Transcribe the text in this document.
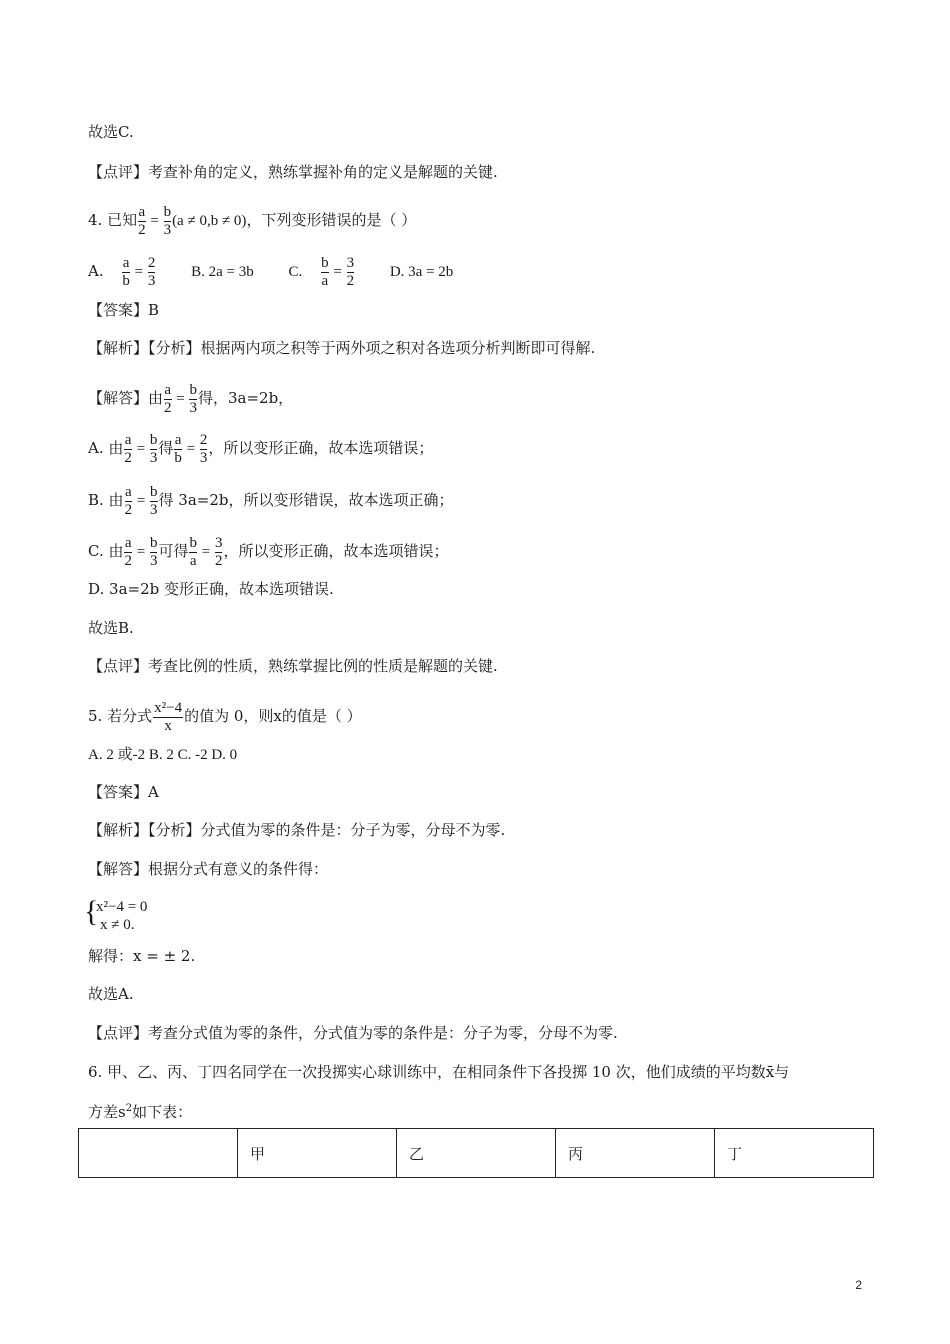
故选C.
【点评】考查补角的定义，熟练掌握补角的定义是解题的关键.
4. 已知 $\frac{a}{2} = \frac{b}{3} (a \ne 0,b \ne 0)$，下列变形错误的是（ ）
A. $\frac{a}{b} = \frac{2}{3} B$. 2a = 3b C. $\frac{b}{a} = \frac{3}{2} D$. 3a = 2b
【答案】B
【解析】【分析】根据两内项之积等于两外项之积对各选项分析判断即可得解.
【解答】由 $\frac{a}{2} = \frac{b}{3}$ 得，3a=2b，
A. 由 $\frac{a}{2} = \frac{b}{3}$ 得 $\frac{a}{b} = \frac{2}{3}$ ，所以变形正确，故本选项错误；
B. 由 $\frac{a}{2} = \frac{b}{3}$ 得 3a=2b，所以变形错误，故本选项正确；
C. 由 $\frac{a}{2} = \frac{b}{3}$ 可得 $\frac{b}{a} = \frac{3}{2}$ ，所以变形正确，故本选项错误；
D. 3a=2b 变形正确，故本选项错误.
故选B.
【点评】考查比例的性质，熟练掌握比例的性质是解题的关键.
5. 若分式 $\frac{\text{x²−4}}{x}$ 的值为 0，则x的值是（ ）
A. 2 或-2 B. 2 C. -2 D. 0
【答案】A
【解析】【分析】分式值为零的条件是：分子为零，分母不为零.
【解答】根据分式有意义的条件得：
{
x²−4 = 0
x ≠ 0.
解得：x = ± 2.
故选A.
【点评】考查分式值为零的条件，分式值为零的条件是：分子为零，分母不为零.
6. 甲、乙、丙、丁四名同学在一次投掷实心球训练中，在相同条件下各投掷 10 次，他们成绩的平均数x̄与
方差$s^2$如下表：
	甲	乙	丙	丁
2
